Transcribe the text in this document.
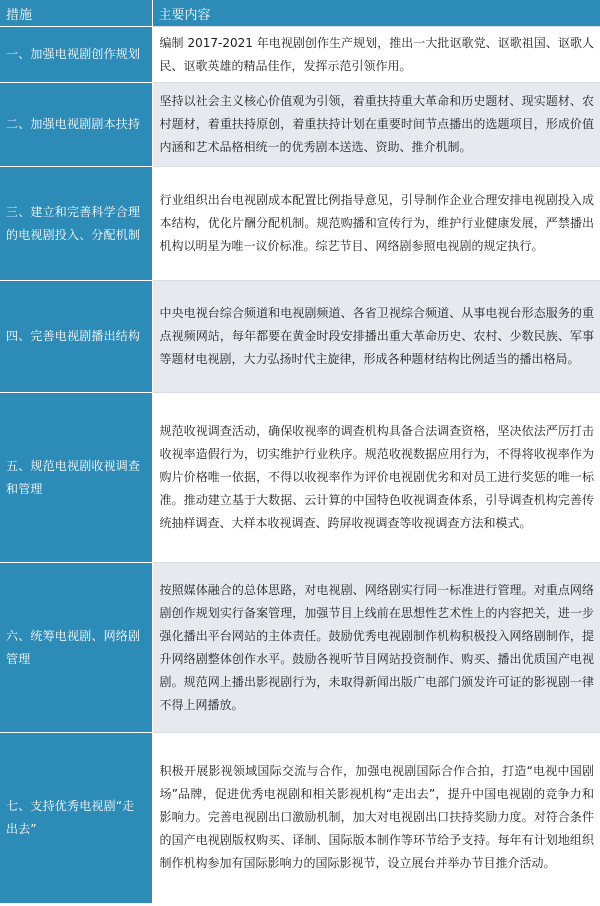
措施	主要内容
一、加强电视剧创作规划	编制 2017-2021 年电视剧创作生产规划，推出一大批讴歌党、讴歌祖国、讴歌人民、讴歌英雄的精品佳作，发挥示范引领作用。
二、加强电视剧剧本扶持	坚持以社会主义核心价值观为引领，着重扶持重大革命和历史题材、现实题材、农村题材，着重扶持原创，着重扶持计划在重要时间节点播出的选题项目，形成价值内涵和艺术品格相统一的优秀剧本送选、资助、推介机制。
三、建立和完善科学合理的电视剧投入、分配机制	行业组织出台电视剧成本配置比例指导意见，引导制作企业合理安排电视剧投入成本结构，优化片酬分配机制。规范购播和宣传行为，维护行业健康发展，严禁播出机构以明星为唯一议价标准。综艺节目、网络剧参照电视剧的规定执行。
四、完善电视剧播出结构	中央电视台综合频道和电视剧频道、各省卫视综合频道、从事电视台形态服务的重点视频网站，每年都要在黄金时段安排播出重大革命历史、农村、少数民族、军事等题材电视剧，大力弘扬时代主旋律，形成各种题材结构比例适当的播出格局。
五、规范电视剧收视调查和管理	规范收视调查活动，确保收视率的调查机构具备合法调查资格，坚决依法严厉打击收视率造假行为，切实维护行业秩序。规范收视数据应用行为，不得将收视率作为购片价格唯一依据，不得以收视率作为评价电视剧优劣和对员工进行奖惩的唯一标准。推动建立基于大数据、云计算的中国特色收视调查体系，引导调查机构完善传统抽样调查、大样本收视调查、跨屏收视调查等收视调查方法和模式。
六、统筹电视剧、网络剧管理	按照媒体融合的总体思路，对电视剧、网络剧实行同一标准进行管理。对重点网络剧创作规划实行备案管理，加强节目上线前在思想性艺术性上的内容把关，进一步强化播出平台网站的主体责任。鼓励优秀电视剧制作机构积极投入网络剧制作，提升网络剧整体创作水平。鼓励各视听节目网站投资制作、购买、播出优质国产电视剧。规范网上播出影视剧行为，未取得新闻出版广电部门颁发许可证的影视剧一律不得上网播放。
七、支持优秀电视剧“走出去”	积极开展影视领域国际交流与合作，加强电视剧国际合作合拍，打造“电视中国剧场”品牌，促进优秀电视剧和相关影视机构“走出去”，提升中国电视剧的竞争力和影响力。完善电视剧出口激励机制，加大对电视剧出口扶持奖励力度。对符合条件的国产电视剧版权购买、译制、国际版本制作等环节给予支持。每年有计划地组织制作机构参加有国际影响力的国际影视节，设立展台并举办节目推介活动。
